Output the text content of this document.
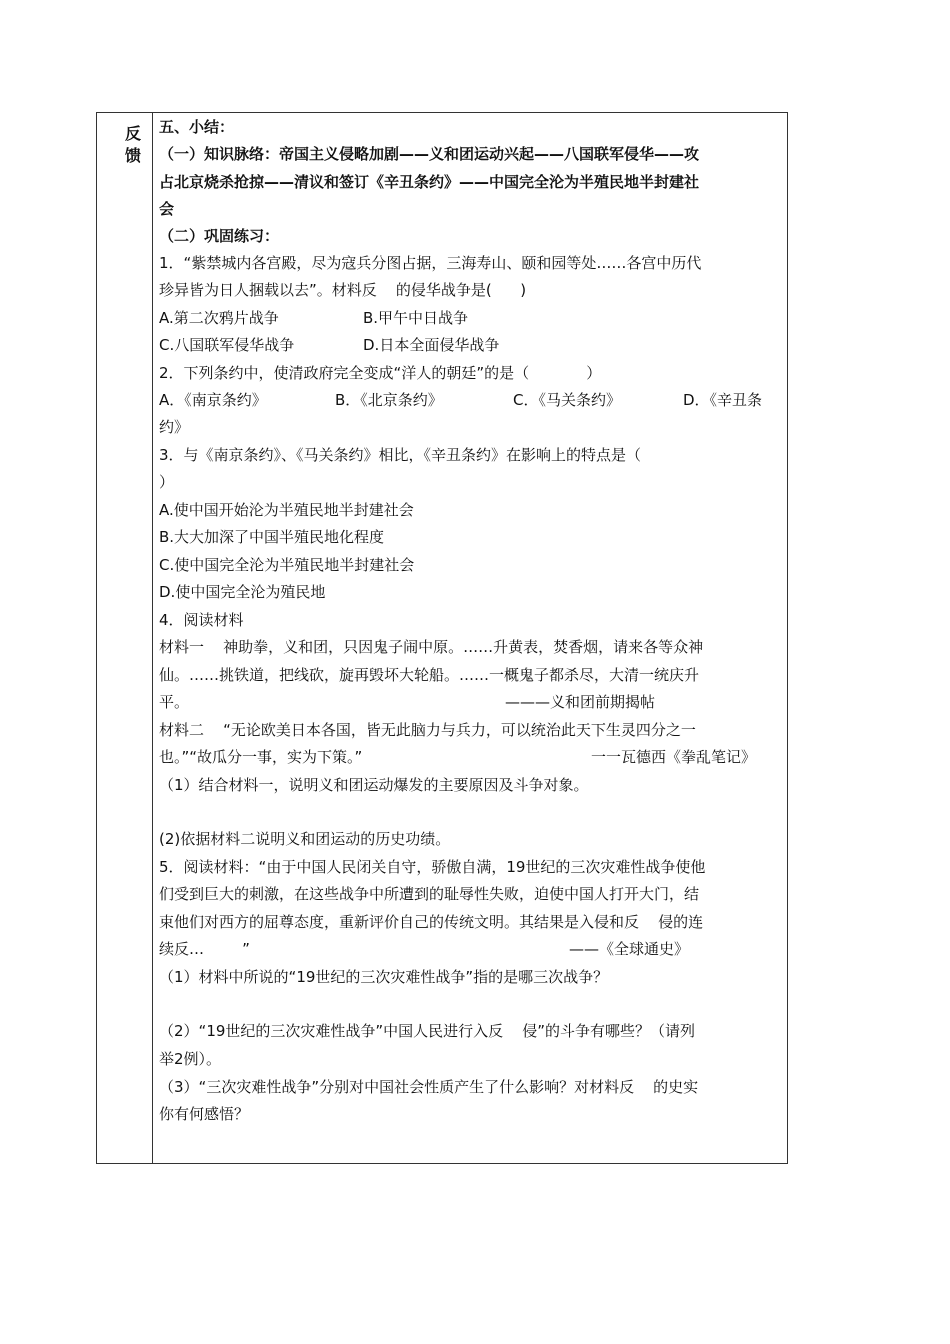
反
馈
五、小结：
（一）知识脉络：帝国主义侵略加剧——义和团运动兴起——八国联军侵华——攻
占北京烧杀抢掠——清议和签订《辛丑条约》——中国完全沦为半殖民地半封建社
会
（二）巩固练习：
1．“紫禁城内各宫殿，尽为寇兵分图占据，三海寿山、颐和园等处……各宫中历代
珍异皆为日人捆载以去”。材料反    的侵华战争是(      )
A.第二次鸦片战争	B.甲午中日战争
C.八国联军侵华战争	D.日本全面侵华战争
2．下列条约中，使清政府完全变成“洋人的朝廷”的是（            ）
A．《南京条约》	B．《北京条约》	C．《马关条约》	D．《辛丑条
约》
3．与《南京条约》、《马关条约》相比，《辛丑条约》在影响上的特点是（
）
A.使中国开始沦为半殖民地半封建社会
B.大大加深了中国半殖民地化程度
C.使中国完全沦为半殖民地半封建社会
D.使中国完全沦为殖民地
4．阅读材料
材料一    神助拳，义和团，只因鬼子闹中原。……升黄表，焚香烟，请来各等众神
仙。……挑铁道，把线砍，旋再毁坏大轮船。……一概鬼子都杀尽，大清一统庆升
平。	———义和团前期揭帖
材料二    “无论欧美日本各国，皆无此脑力与兵力，可以统治此天下生灵四分之一
也。”“故瓜分一事，实为下策。”	一一瓦德西《拳乱笔记》
（1）结合材料一，说明义和团运动爆发的主要原因及斗争对象。
(2)依据材料二说明义和团运动的历史功绩。
5．阅读材料：“由于中国人民闭关自守，骄傲自满，19世纪的三次灾难性战争使他
们受到巨大的刺激，在这些战争中所遭到的耻辱性失败，迫使中国人打开大门，结
束他们对西方的屈尊态度，重新评价自己的传统文明。其结果是入侵和反    侵的连
续反…        ”	——《全球通史》
（1）材料中所说的“19世纪的三次灾难性战争”指的是哪三次战争？
（2）“19世纪的三次灾难性战争”中国人民进行入反    侵”的斗争有哪些？（请列
举2例）。
（3）“三次灾难性战争”分别对中国社会性质产生了什么影响？对材料反    的史实
你有何感悟？
